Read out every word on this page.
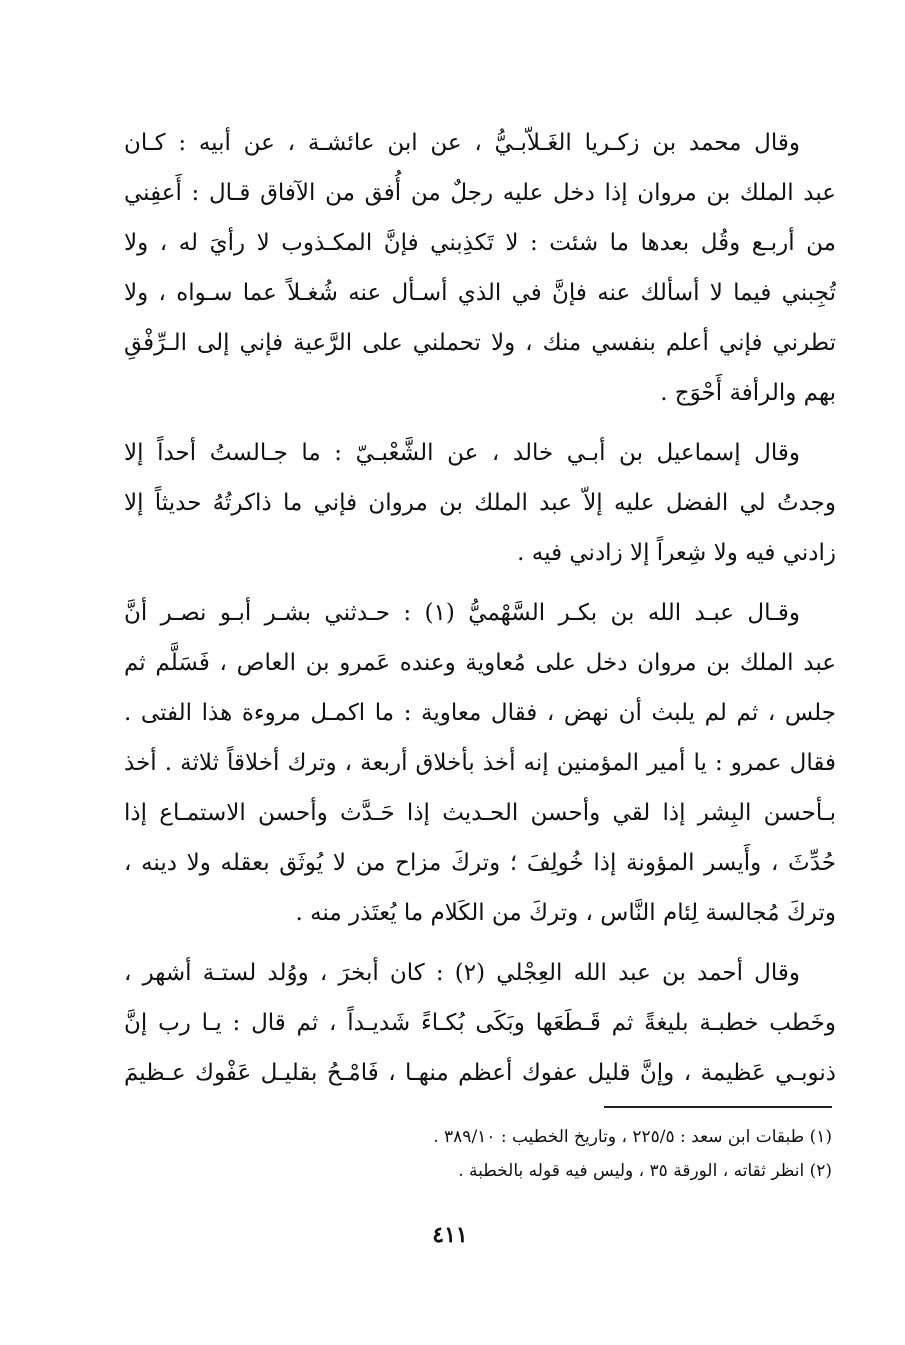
وقال محمد بن زكـريا الغَـلاّبـيُّ ، عن ابن عائشـة ، عن أبيه : كـان
عبد الملك بن مروان إذا دخل عليه رجلٌ من أُفق من الآفاق قـال : أَعفِني
من أربـع وقُل بعدها ما شئت : لا تَكذِبني فإنَّ المكـذوب لا رأيَ له ، ولا
تُجِبني فيما لا أسألك عنه فإنَّ في الذي أسـأل عنه شُغـلاً عما سـواه ، ولا
تطرني فإني أعلم بنفسي منك ، ولا تحملني على الرَّعية فإني إلى الـرِّفْقِ
بهم والرأفة أَحْوَج .
وقال إسماعيل بن أبـي خالد ، عن الشَّعْبـيّ : ما جـالستُ أحداً إلا
وجدتُ لي الفضل عليه إلاّ عبد الملك بن مروان فإني ما ذاكرتُهُ حديثاً إلا
زادني فيه ولا شِعراً إلا زادني فيه .
وقـال عبـد الله بن بكـر السَّهْميُّ (١) : حـدثني بشـر أبـو نصـر أنَّ
عبد الملك بن مروان دخل على مُعاوية وعنده عَمرو بن العاص ، فَسَلَّم ثم
جلس ، ثم لم يلبث أن نهض ، فقال معاوية : ما اكمـل مروءة هذا الفتى .
فقال عمرو : يا أمير المؤمنين إنه أخذ بأخلاق أربعة ، وترك أخلاقاً ثلاثة . أخذ
بـأحسن البِشر إذا لقي وأحسن الحـديث إذا حَـدَّث وأحسن الاستمـاع إذا
حُدِّثَ ، وأَيسر المؤونة إذا خُولِفَ ؛ وتركَ مزاح من لا يُوثَق بعقله ولا دينه ،
وتركَ مُجالسة لِئام النَّاس ، وتركَ من الكَلام ما يُعتَذر منه .
وقال أحمد بن عبد الله العِجْلي (٢) : كان أبخرَ ، ووُلد لستـة أشهر ،
وخَطب خطبـة بليغةً ثم قَـطَعَها وبَكَى بُكـاءً شَديـداً ، ثم قال : يـا رب إنَّ
ذنوبـي عَظيمة ، وإنَّ قليل عفوك أعظم منهـا ، فَامْـحُ بقليـل عَفْوك عـظيمَ
(١) طبقات ابن سعد : ٢٢٥/٥ ، وتاريخ الخطيب : ٣٨٩/١٠ .
(٢) انظر ثقاته ، الورقة ٣٥ ، وليس فيه قوله بالخطبة .
٤١١
